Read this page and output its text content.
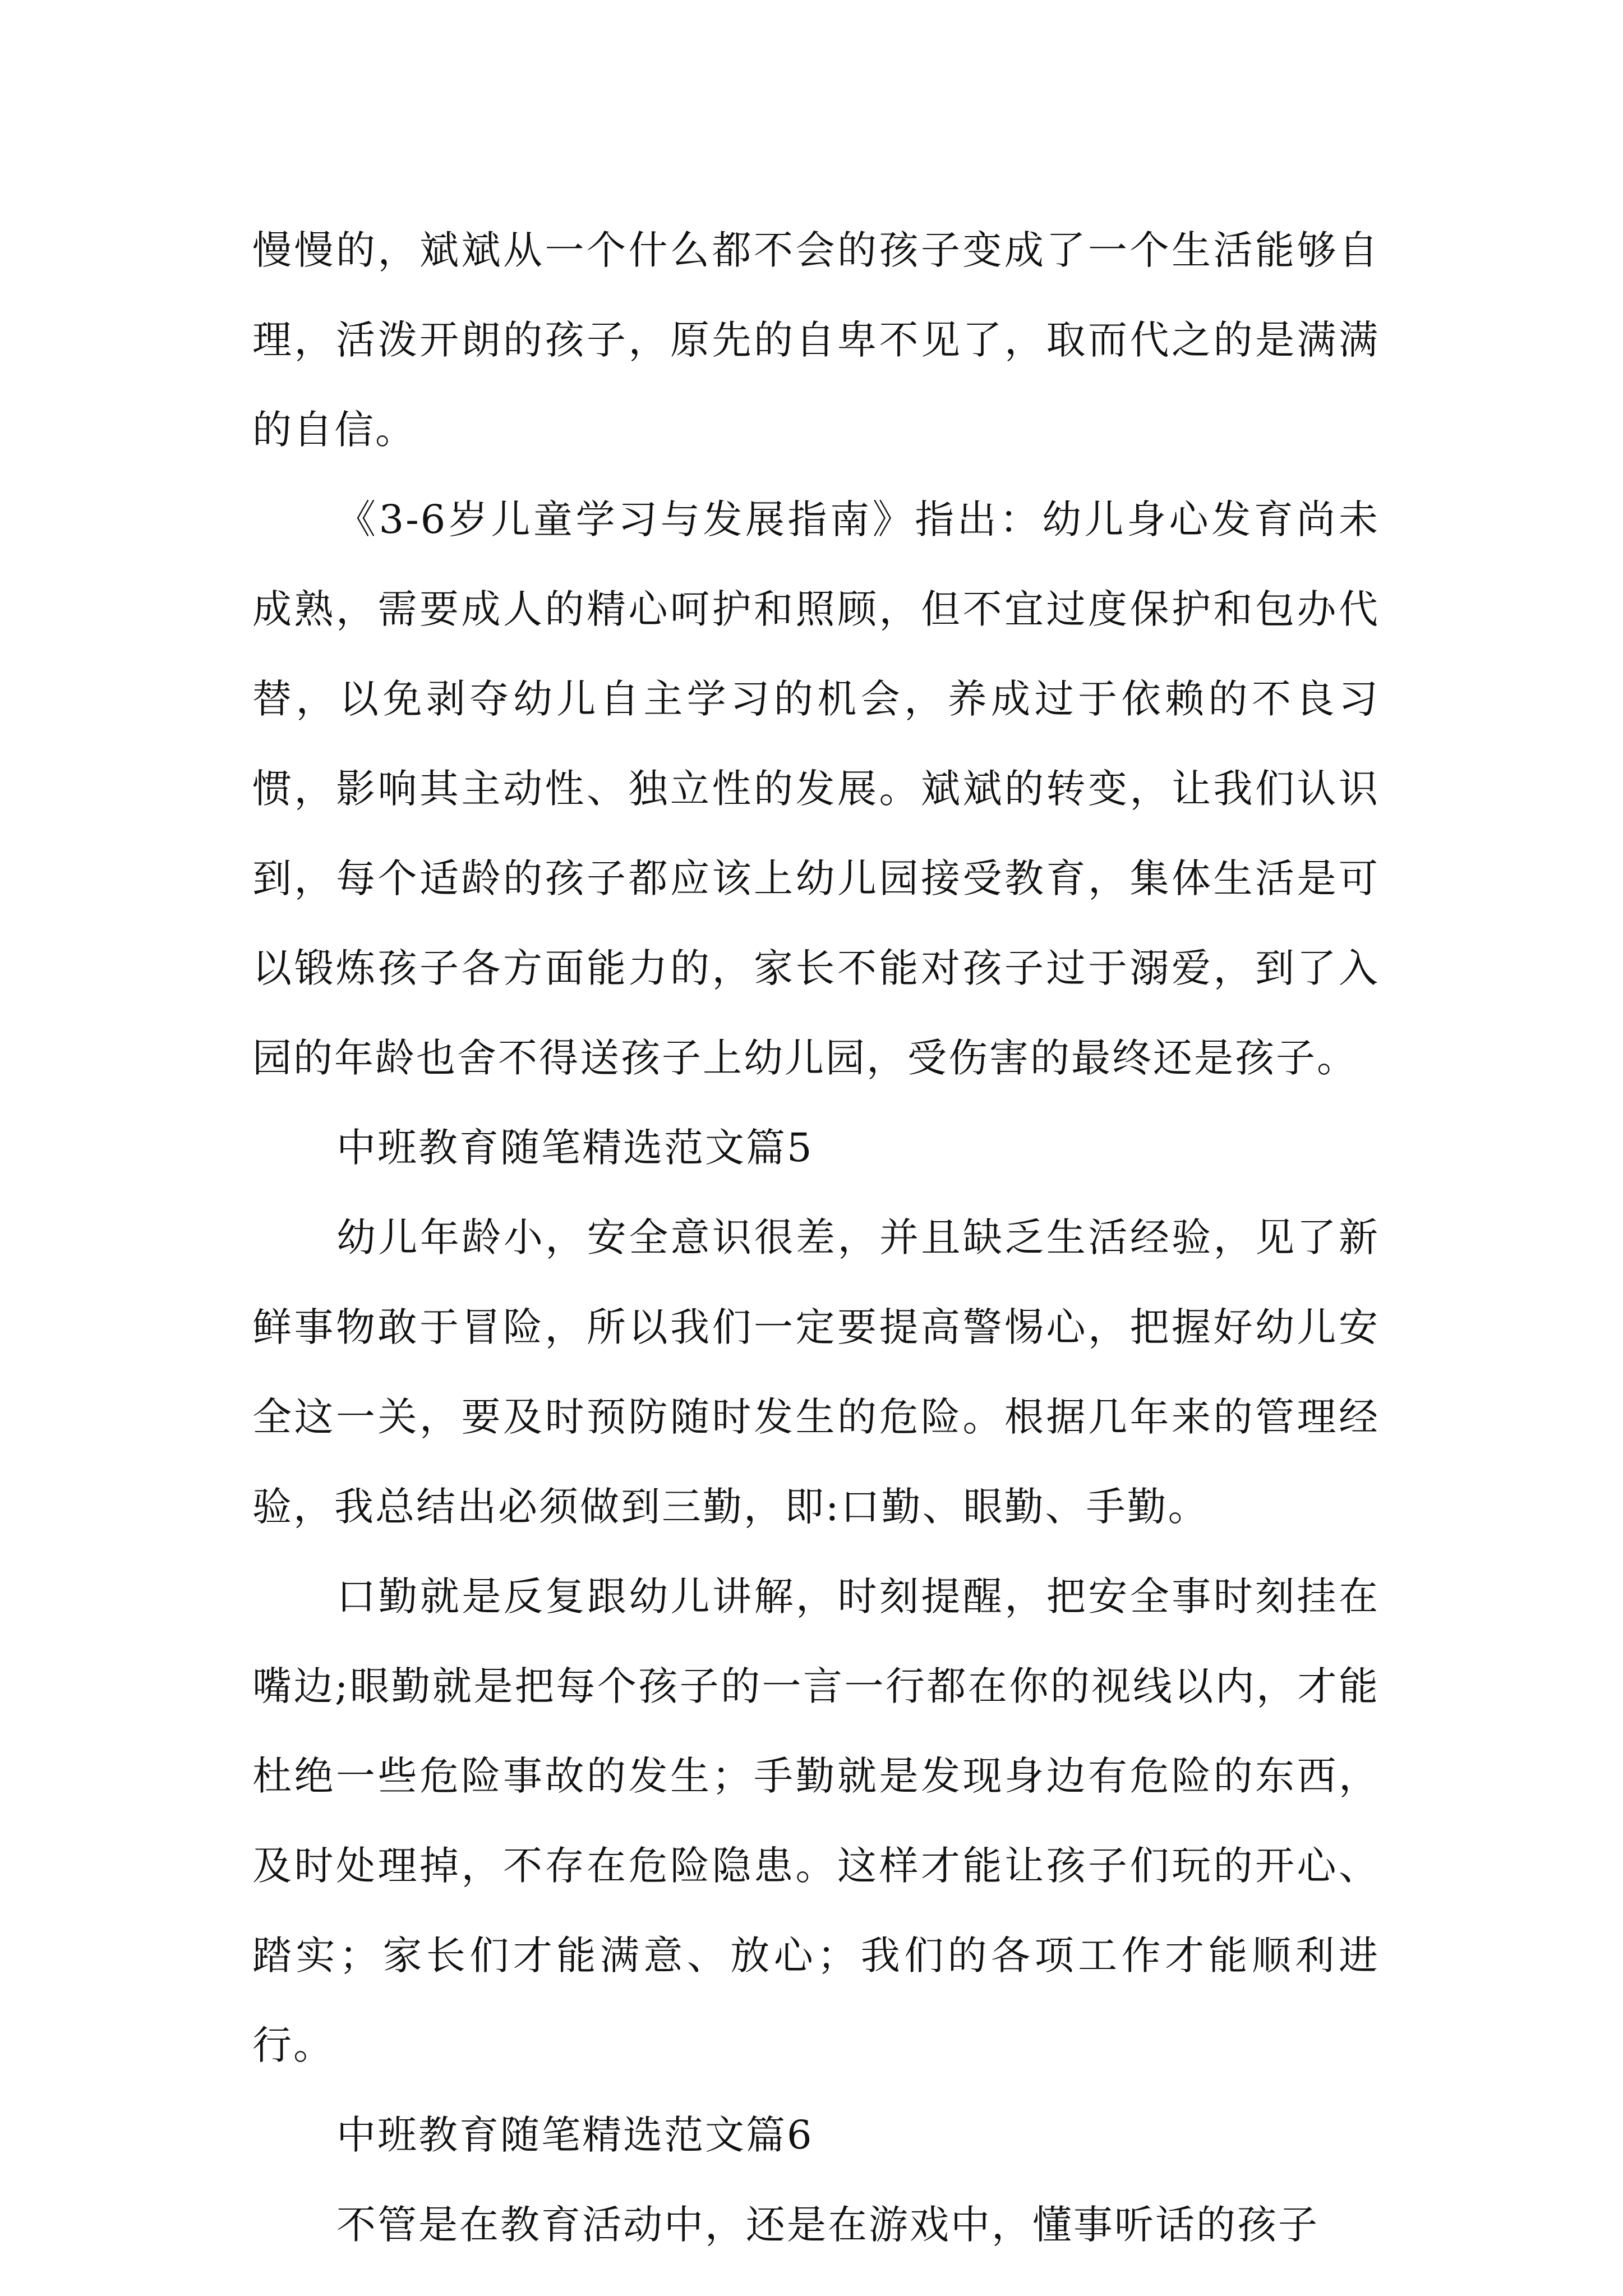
慢慢的，斌斌从一个什么都不会的孩子变成了一个生活能够自理，活泼开朗的孩子，原先的自卑不见了，取而代之的是满满的自信。

《3-6岁儿童学习与发展指南》指出：幼儿身心发育尚未成熟，需要成人的精心呵护和照顾，但不宜过度保护和包办代替，以免剥夺幼儿自主学习的机会，养成过于依赖的不良习惯，影响其主动性、独立性的发展。斌斌的转变，让我们认识到，每个适龄的孩子都应该上幼儿园接受教育，集体生活是可以锻炼孩子各方面能力的，家长不能对孩子过于溺爱，到了入园的年龄也舍不得送孩子上幼儿园，受伤害的最终还是孩子。

中班教育随笔精选范文篇5

幼儿年龄小，安全意识很差，并且缺乏生活经验，见了新鲜事物敢于冒险，所以我们一定要提高警惕心，把握好幼儿安全这一关，要及时预防随时发生的危险。根据几年来的管理经验，我总结出必须做到三勤，即:口勤、眼勤、手勤。

口勤就是反复跟幼儿讲解，时刻提醒，把安全事时刻挂在嘴边;眼勤就是把每个孩子的一言一行都在你的视线以内，才能杜绝一些危险事故的发生；手勤就是发现身边有危险的东西，及时处理掉，不存在危险隐患。这样才能让孩子们玩的开心、踏实；家长们才能满意、放心；我们的各项工作才能顺利进行。

中班教育随笔精选范文篇6

不管是在教育活动中，还是在游戏中，懂事听话的孩子
